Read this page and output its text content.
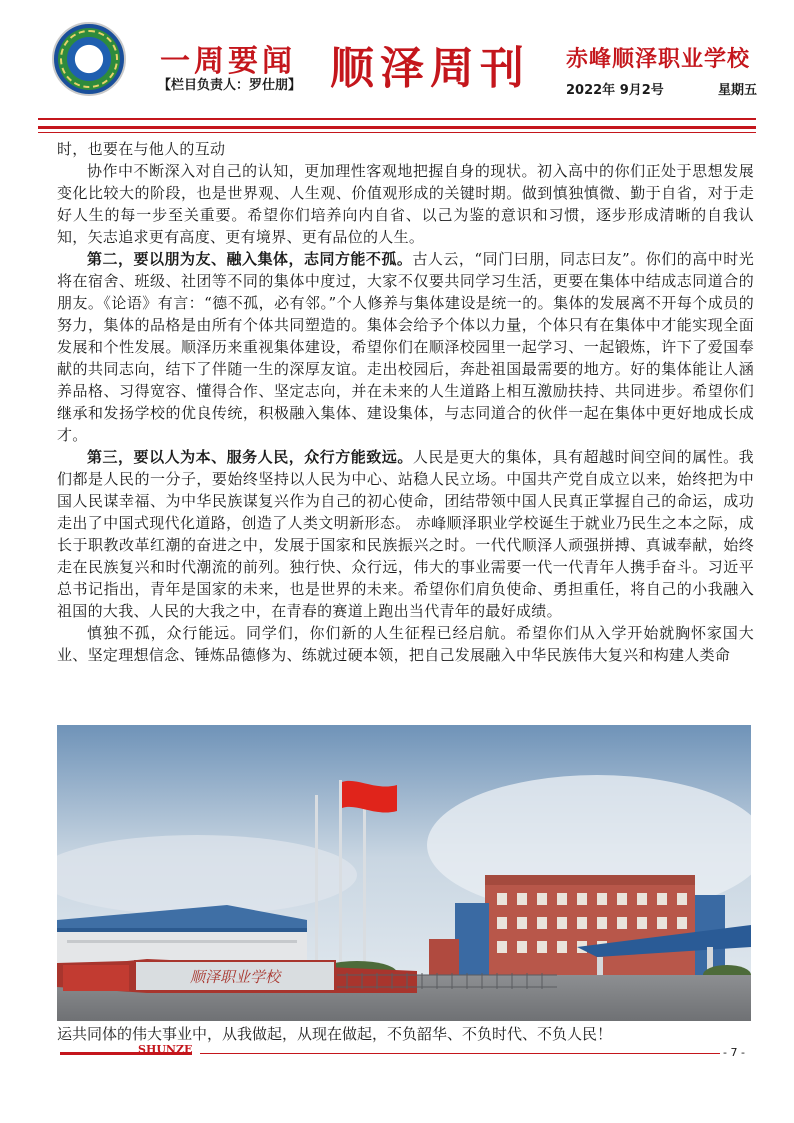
一周要闻
【栏目负责人：罗仕朋】 顺泽周刊 赤峰顺泽职业学校
2022年 9月2号	星期五

时，也要在与他人的互动

协作中不断深入对自己的认知，更加理性客观地把握自身的现状。初入高中的你们正处于思想发展变化比较大的阶段，也是世界观、人生观、价值观形成的关键时期。做到慎独慎微、勤于自省，对于走好人生的每一步至关重要。希望你们培养向内自省、以己为鉴的意识和习惯，逐步形成清晰的自我认知，矢志追求更有高度、更有境界、更有品位的人生。

第二，要以朋为友、融入集体，志同方能不孤。古人云，“同门曰朋，同志曰友”。你们的高中时光将在宿舍、班级、社团等不同的集体中度过，大家不仅要共同学习生活，更要在集体中结成志同道合的朋友。《论语》有言：“德不孤，必有邻。”个人修养与集体建设是统一的。集体的发展离不开每个成员的努力，集体的品格是由所有个体共同塑造的。集体会给予个体以力量，个体只有在集体中才能实现全面发展和个性发展。顺泽历来重视集体建设，希望你们在顺泽校园里一起学习、一起锻炼，许下了爱国奉献的共同志向，结下了伴随一生的深厚友谊。走出校园后，奔赴祖国最需要的地方。好的集体能让人涵养品格、习得宽容、懂得合作、坚定志向，并在未来的人生道路上相互激励扶持、共同进步。希望你们继承和发扬学校的优良传统，积极融入集体、建设集体，与志同道合的伙伴一起在集体中更好地成长成才。

第三，要以人为本、服务人民，众行方能致远。人民是更大的集体，具有超越时间空间的属性。我们都是人民的一分子，要始终坚持以人民为中心、站稳人民立场。中国共产党自成立以来，始终把为中国人民谋幸福、为中华民族谋复兴作为自己的初心使命，团结带领中国人民真正掌握自己的命运，成功走出了中国式现代化道路，创造了人类文明新形态。 赤峰顺泽职业学校诞生于就业乃民生之本之际，成长于职教改革红潮的奋进之中，发展于国家和民族振兴之时。一代代顺泽人顽强拼搏、真诚奉献，始终走在民族复兴和时代潮流的前列。独行快、众行远，伟大的事业需要一代一代青年人携手奋斗。习近平总书记指出，青年是国家的未来，也是世界的未来。希望你们肩负使命、勇担重任，将自己的小我融入祖国的大我、人民的大我之中，在青春的赛道上跑出当代青年的最好成绩。

慎独不孤，众行能远。同学们，你们新的人生征程已经启航。希望你们从入学开始就胸怀家国大业、坚定理想信念、锤炼品德修为、练就过硬本领，把自己发展融入中华民族伟大复兴和构建人类命

顺泽职业学校
运共同体的伟大事业中，从我做起，从现在做起，不负韶华、不负时代、不负人民！
SHUNZE	- 7 -
